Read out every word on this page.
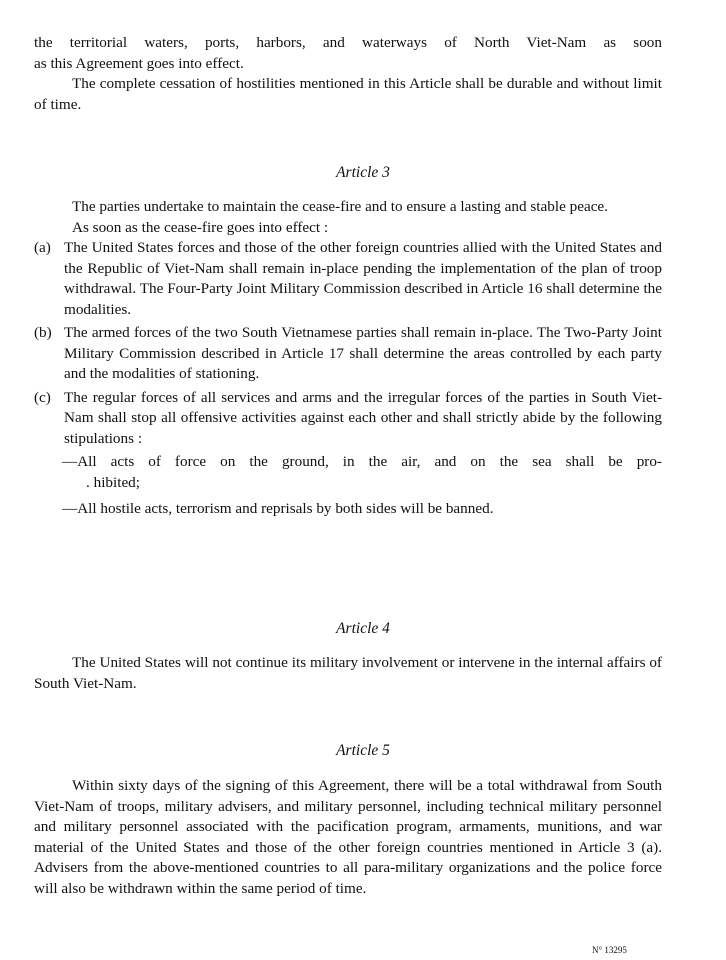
the territorial waters, ports, harbors, and waterways of North Viet-Nam as soon

as this Agreement goes into effect.

The complete cessation of hostilities mentioned in this Article shall be durable and without limit of time.

Article 3

The parties undertake to maintain the cease-fire and to ensure a lasting and stable peace.

As soon as the cease-fire goes into effect :

(a) The United States forces and those of the other foreign countries allied with the United States and the Republic of Viet-Nam shall remain in-place pending the implementation of the plan of troop withdrawal. The Four-Party Joint Military Commission described in Article 16 shall determine the modalities.

(b) The armed forces of the two South Vietnamese parties shall remain in-place. The Two-Party Joint Military Commission described in Article 17 shall determine the areas controlled by each party and the modalities of stationing.

(c) The regular forces of all services and arms and the irregular forces of the parties in South Viet-Nam shall stop all offensive activities against each other and shall strictly abide by the following stipulations :

—All acts of force on the ground, in the air, and on the sea shall be pro-

. hibited;

—All hostile acts, terrorism and reprisals by both sides will be banned.

Article 4

The United States will not continue its military involvement or intervene in the internal affairs of South Viet-Nam.

Article 5

Within sixty days of the signing of this Agreement, there will be a total withdrawal from South Viet-Nam of troops, military advisers, and military personnel, including technical military personnel and military personnel associated with the pacification program, armaments, munitions, and war material of the United States and those of the other foreign countries mentioned in Article 3 (a). Advisers from the above-mentioned countries to all para-military organizations and the police force will also be withdrawn within the same period of time.

N° 13295
